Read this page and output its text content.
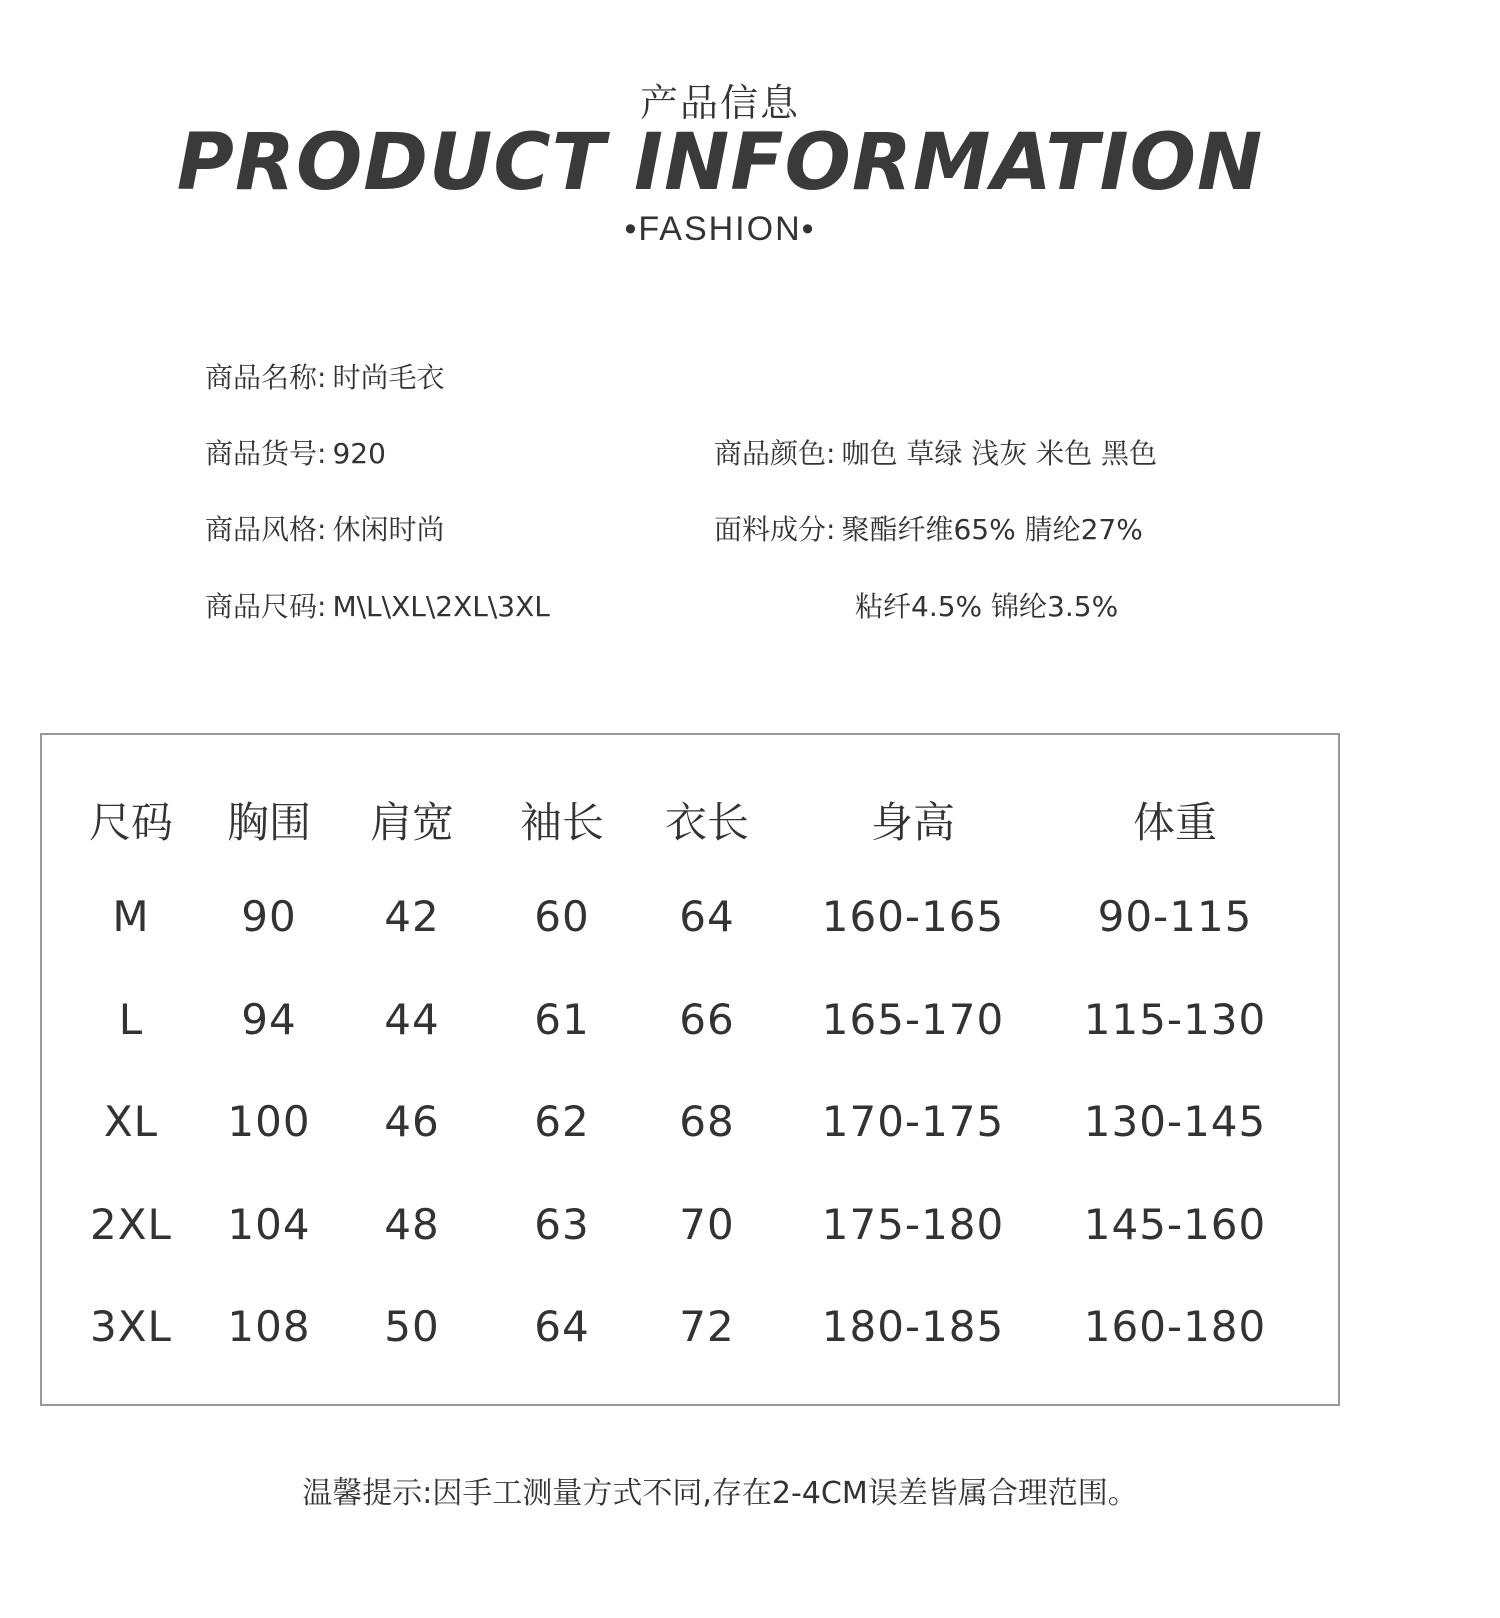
产品信息
PRODUCT INFORMATION
•FASHION•
商品名称: 时尚毛衣
商品货号: 920
商品风格: 休闲时尚
商品尺码: M\L\XL\2XL\3XL
商品颜色: 咖色 草绿 浅灰 米色 黑色
面料成分: 聚酯纤维65% 腈纶27%
粘纤4.5% 锦纶3.5%
尺码 胸围 肩宽 袖长 衣长	身高	体重
M 90 42 60 64 160-165 90-115
L 94 44 61 66 165-170 115-130
XL 100 46 62 68 170-175 130-145
2XL 104 48 63 70 175-180 145-160
3XL 108 50 64 72 180-185 160-180
温馨提示:因手工测量方式不同,存在2-4CM误差皆属合理范围。
